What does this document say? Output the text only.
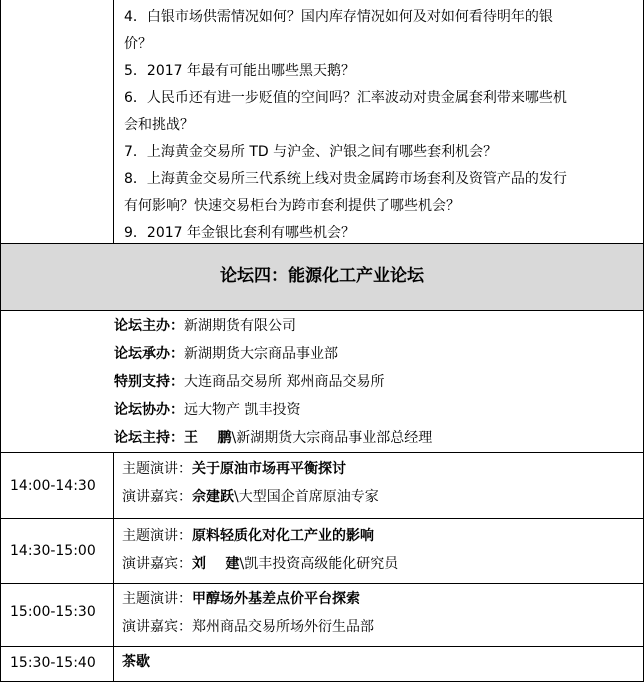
论坛四：能源化工产业论坛
4．白银市场供需情况如何？国内库存情况如何及对如何看待明年的银
价？
5．2017 年最有可能出哪些黑天鹅？
6．人民币还有进一步贬值的空间吗？汇率波动对贵金属套利带来哪些机
会和挑战？
7．上海黄金交易所 TD 与沪金、沪银之间有哪些套利机会？
8．上海黄金交易所三代系统上线对贵金属跨市场套利及资管产品的发行
有何影响？快速交易柜台为跨市套利提供了哪些机会？
9．2017 年金银比套利有哪些机会？
论坛主办：新湖期货有限公司
论坛承办：新湖期货大宗商品事业部
特别支持：大连商品交易所 郑州商品交易所
论坛协办：远大物产 凯丰投资
论坛主持：王    鹏\新湖期货大宗商品事业部总经理
14:00-14:30
主题演讲：关于原油市场再平衡探讨
演讲嘉宾：佘建跃\大型国企首席原油专家
14:30-15:00
主题演讲：原料轻质化对化工产业的影响
演讲嘉宾：刘    建\凯丰投资高级能化研究员
15:00-15:30
主题演讲：甲醇场外基差点价平台探索
演讲嘉宾：郑州商品交易所场外衍生品部
15:30-15:40 茶歇
